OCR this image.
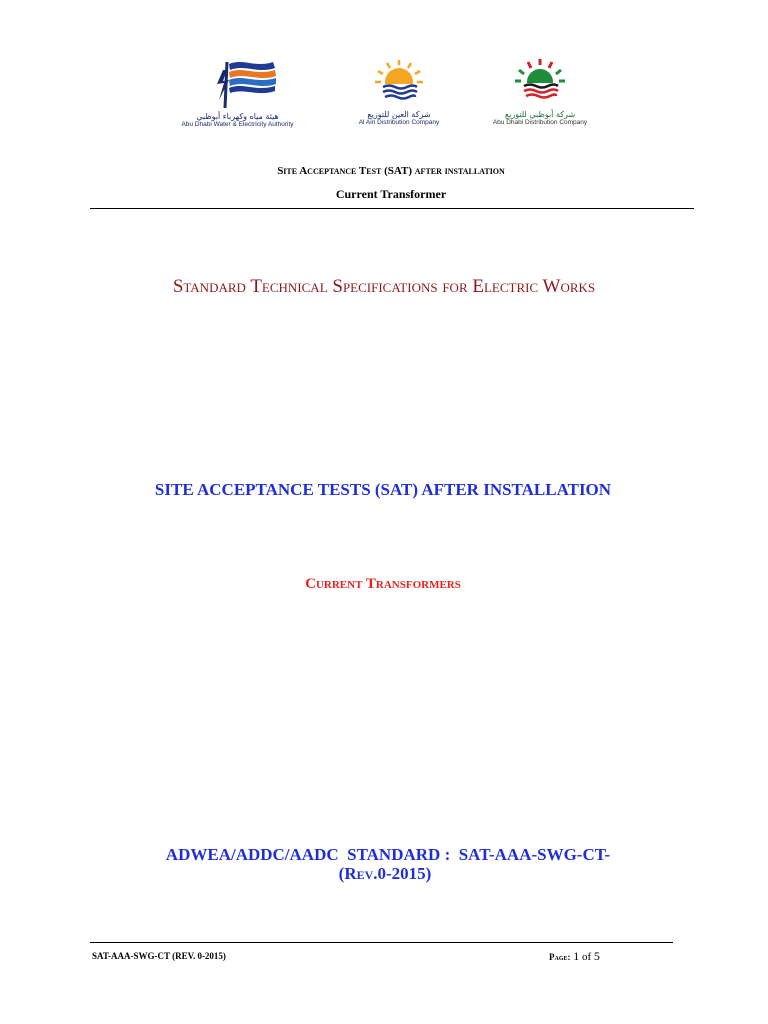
هيئة مياه وكهرباء أبوظبي
Abu Dhabi Water & Electricity Authority
شركة العين للتوزيع
Al Ain Distribution Company
شركة أبوظبي للتوزيع
Abu Dhabi Distribution Company
Site Acceptance Test (SAT) after installation
Current Transformer
Standard Technical Specifications for Electric Works
SITE ACCEPTANCE TESTS (SAT) AFTER INSTALLATION
Current Transformers
ADWEA/ADDC/AADC  STANDARD :  SAT-AAA-SWG-CT-
(Rev.0-2015)
SAT-AAA-SWG-CT (REV. 0-2015)	Page: 1 of 5
